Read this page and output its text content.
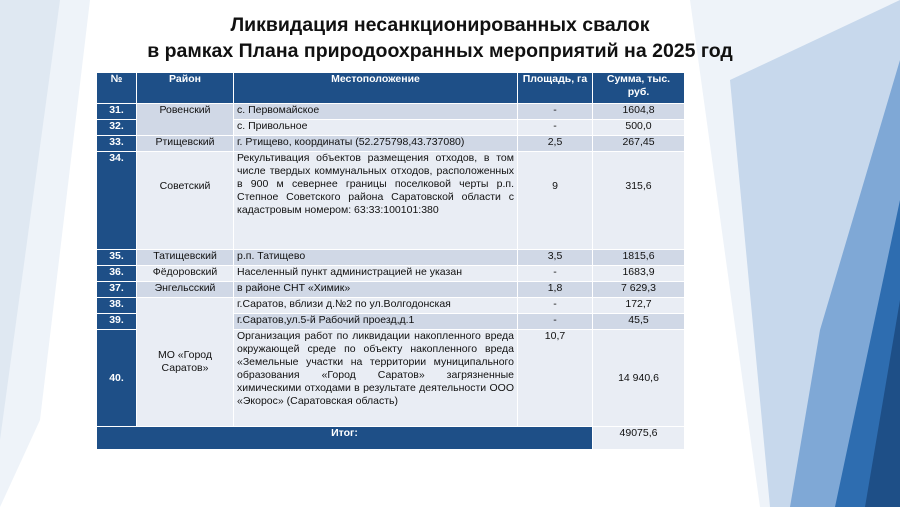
Ликвидация несанкционированных свалок
в рамках Плана природоохранных мероприятий на 2025 год
№	Район	Местоположение	Площадь, га	Сумма, тыс. руб.
31.	Ровенский	с. Первомайское	-	1604,8
32.		с. Привольное	-	500,0
33.	Ртищевский	г. Ртищево, координаты (52.275798,43.737080)	2,5	267,45
34.	Советский	Рекультивация объектов размещения отходов, в том числе твердых коммунальных отходов, расположенных в 900 м севернее границы поселковой черты р.п. Степное Советского района Саратовской области с кадастровым номером: 63:33:100101:380	9	315,6
35.	Татищевский	р.п. Татищево	3,5	1815,6
36.	Фёдоровский	Населенный пункт администрацией не указан	-	1683,9
37.	Энгельсский	в районе СНТ «Химик»	1,8	7 629,3
38.	МО «Город Саратов»	г.Саратов, вблизи д.№2 по ул.Волгодонская	-	172,7
39.		г.Саратов,ул.5-й Рабочий проезд,д.1	-	45,5
40.		Организация работ по ликвидации накопленного вреда окружающей среде по объекту накопленного вреда «Земельные участки на территории муниципального образования «Город Саратов» загрязненные химическими отходами в результате деятельности ООО «Экорос» (Саратовская область)	10,7	14 940,6
Итог:				49075,6
